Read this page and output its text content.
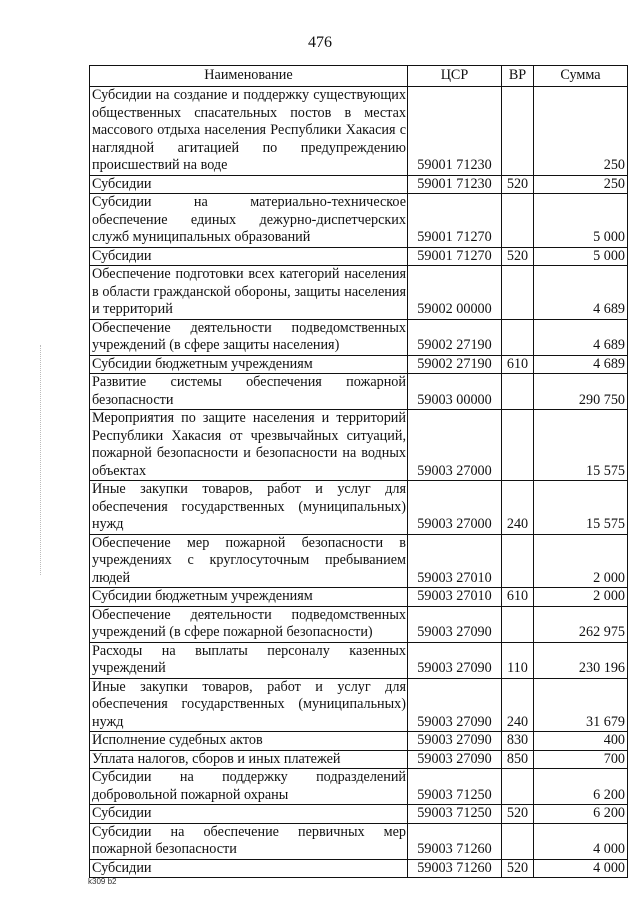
476
Наименование	ЦСР	ВР	Сумма
Субсидии на создание и поддержку существующих общественных спасательных постов в местах массового отдыха населения Республики Хакасия с наглядной агитацией по предупреждению происшествий на воде	59001 71230		250
Субсидии	59001 71230	520	250
Субсидии на материально-техническое обеспечение единых дежурно-диспетчерских служб муниципальных образований	59001 71270		5 000
Субсидии	59001 71270	520	5 000
Обеспечение подготовки всех категорий населения в области гражданской обороны, защиты населения и территорий	59002 00000		4 689
Обеспечение деятельности подведомственных учреждений (в сфере защиты населения)	59002 27190		4 689
Субсидии бюджетным учреждениям	59002 27190	610	4 689
Развитие системы обеспечения пожарной безопасности	59003 00000		290 750
Мероприятия по защите населения и территорий Республики Хакасия от чрезвычайных ситуаций, пожарной безопасности и безопасности на водных объектах	59003 27000		15 575
Иные закупки товаров, работ и услуг для обеспечения государственных (муниципальных) нужд	59003 27000	240	15 575
Обеспечение мер пожарной безопасности в учреждениях с круглосуточным пребыванием людей	59003 27010		2 000
Субсидии бюджетным учреждениям	59003 27010	610	2 000
Обеспечение деятельности подведомственных учреждений (в сфере пожарной безопасности)	59003 27090		262 975
Расходы на выплаты персоналу казенных учреждений	59003 27090	110	230 196
Иные закупки товаров, работ и услуг для обеспечения государственных (муниципальных) нужд	59003 27090	240	31 679
Исполнение судебных актов	59003 27090	830	400
Уплата налогов, сборов и иных платежей	59003 27090	850	700
Субсидии на поддержку подразделений добровольной пожарной охраны	59003 71250		6 200
Субсидии	59003 71250	520	6 200
Субсидии на обеспечение первичных мер пожарной безопасности	59003 71260		4 000
Субсидии	59003 71260	520	4 000
k309 b2
